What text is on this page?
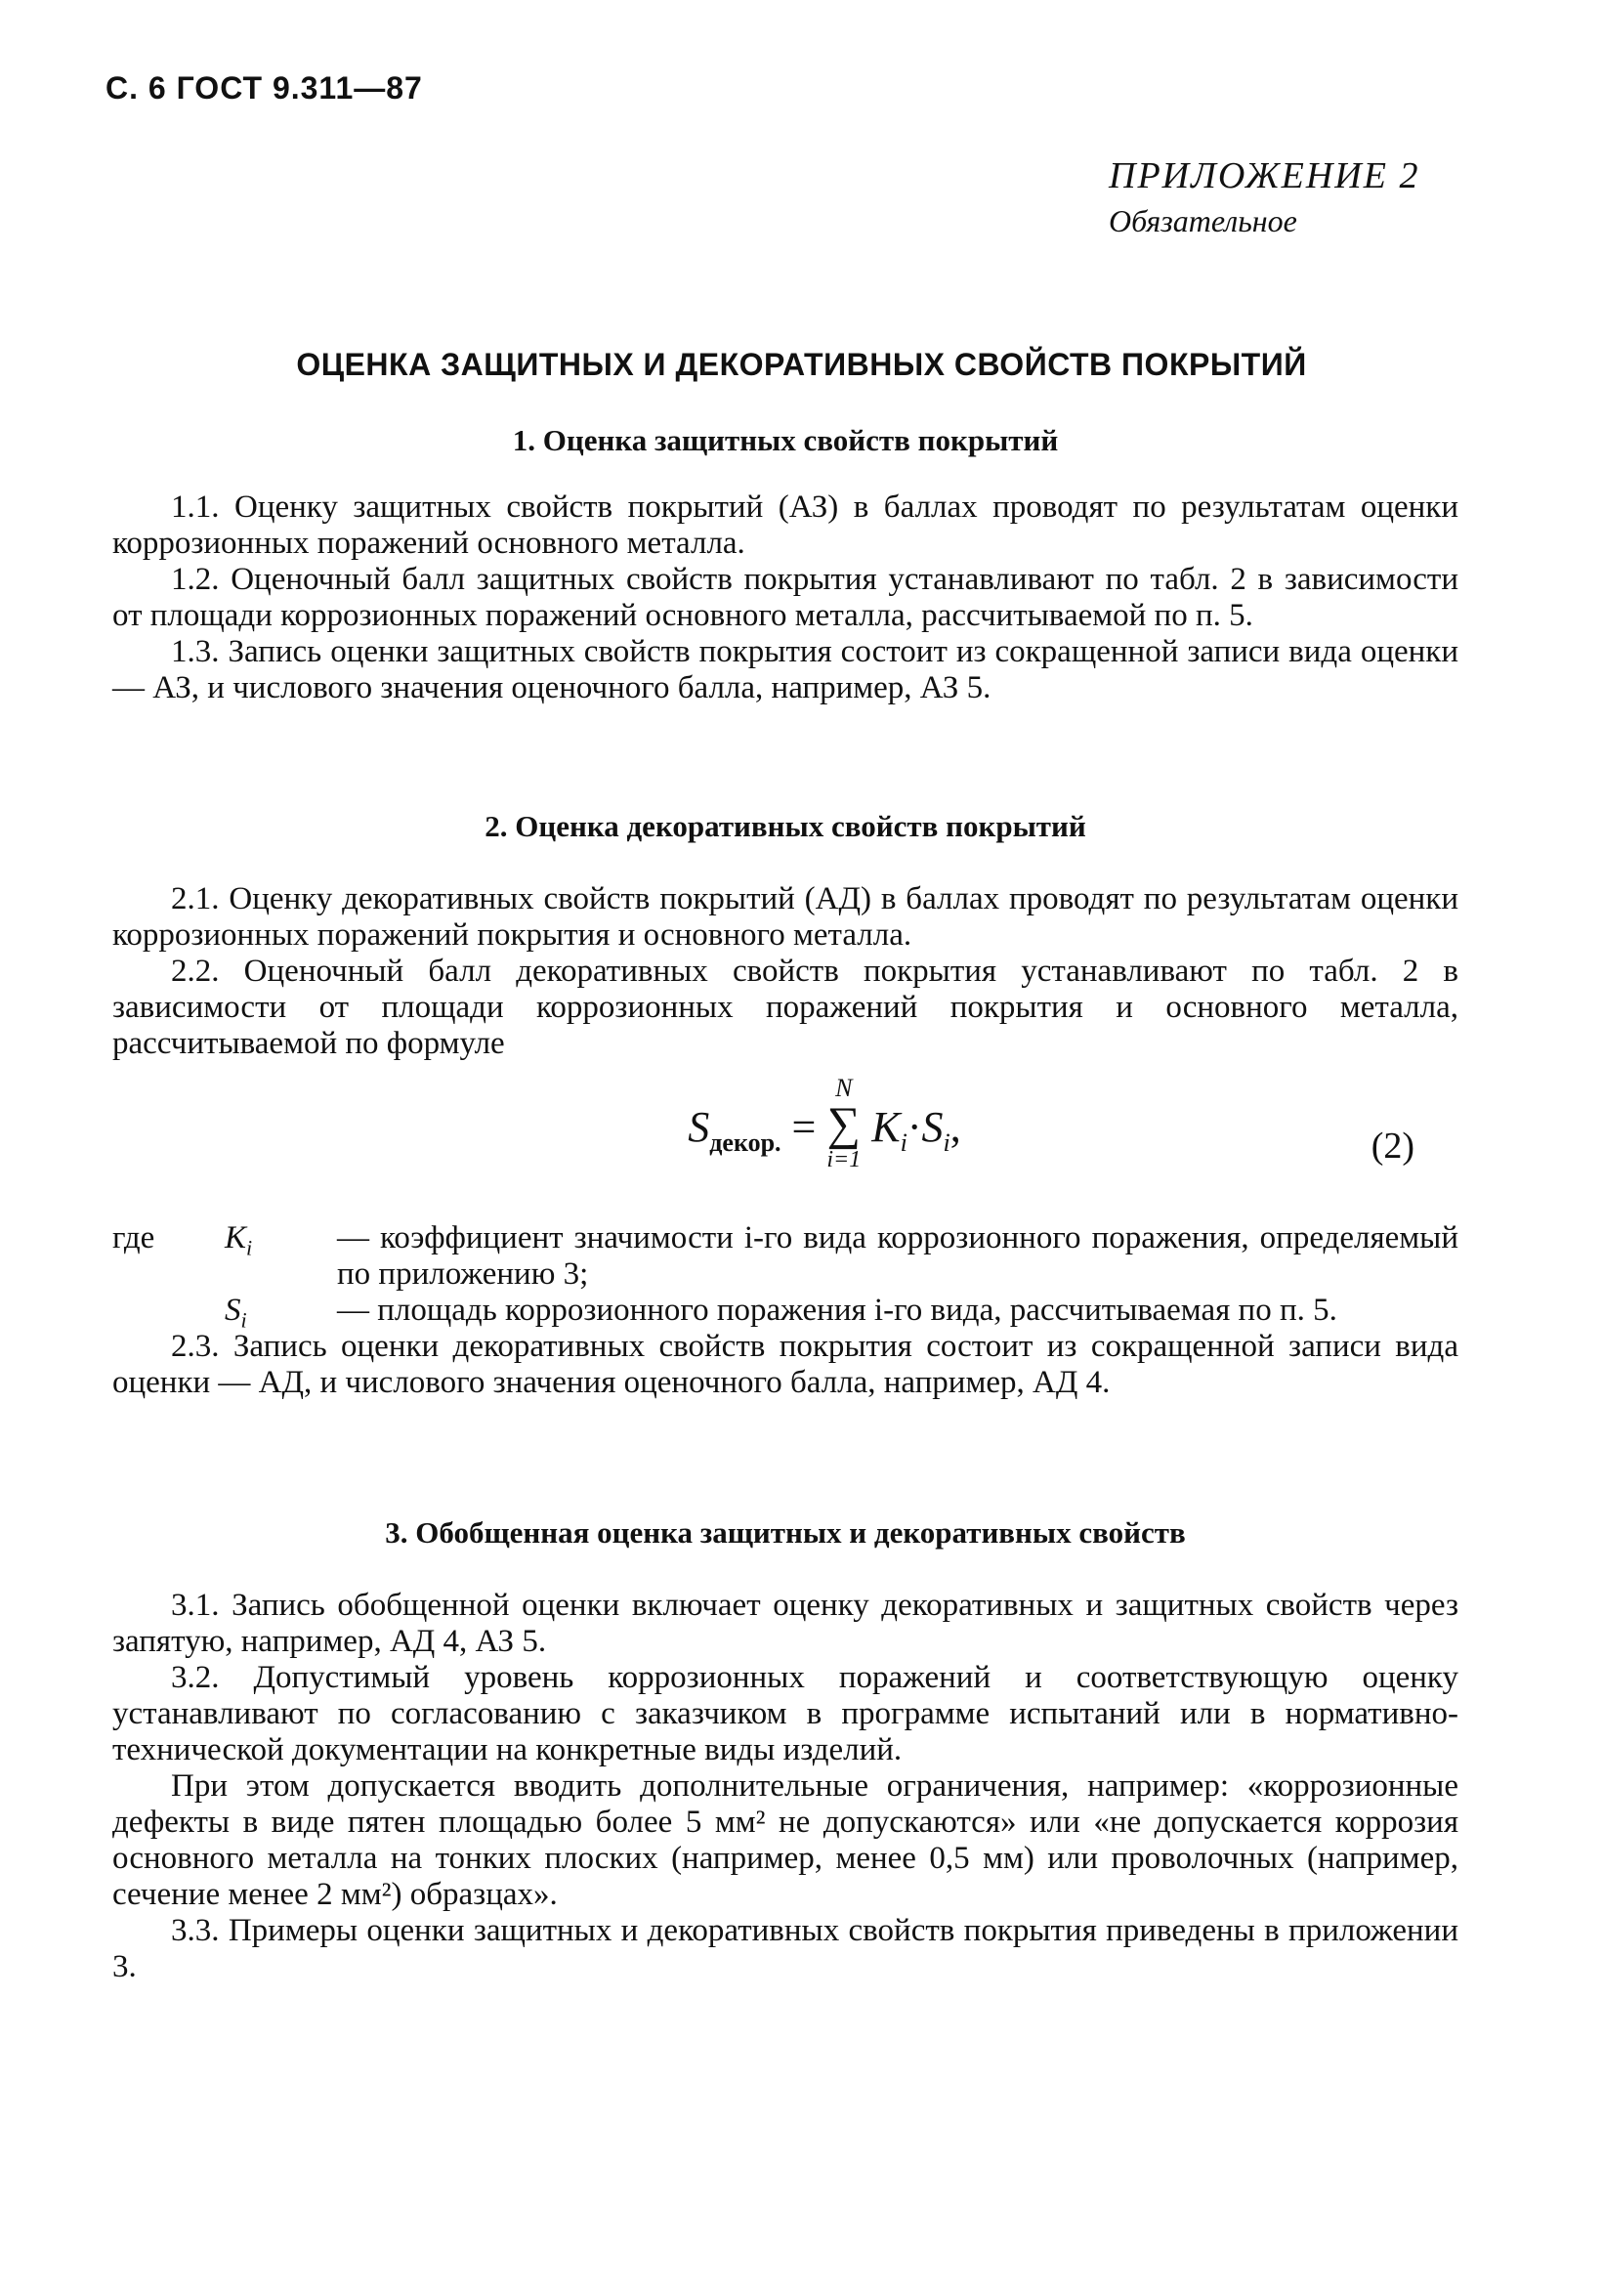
С. 6 ГОСТ 9.311—87
ПРИЛОЖЕНИЕ 2
Обязательное
ОЦЕНКА ЗАЩИТНЫХ И ДЕКОРАТИВНЫХ СВОЙСТВ ПОКРЫТИЙ
1. Оценка защитных свойств покрытий

1.1. Оценку защитных свойств покрытий (АЗ) в баллах проводят по результатам оценки коррозионных поражений основного металла.

1.2. Оценочный балл защитных свойств покрытия устанавливают по табл. 2 в зависимости от площади коррозионных поражений основного металла, рассчитываемой по п. 5.

1.3. Запись оценки защитных свойств покрытия состоит из сокращенной записи вида оценки — АЗ, и числового значения оценочного балла, например, АЗ 5.

2. Оценка декоративных свойств покрытий

2.1. Оценку декоративных свойств покрытий (АД) в баллах проводят по результатам оценки коррозионных поражений покрытия и основного металла.

2.2. Оценочный балл декоративных свойств покрытия устанавливают по табл. 2 в зависимости от площади коррозионных поражений покрытия и основного металла, рассчитываемой по формуле

$S_{декор.}$ =
N
∑
i=1
$K_i\cdot S_i$,	(2)
где $K_i$	— коэффициент значимости i-го вида коррозионного поражения, определяемый по приложению 3;
$S_i$	— площадь коррозионного поражения i-го вида, рассчитываемая по п. 5.

2.3. Запись оценки декоративных свойств покрытия состоит из сокращенной записи вида оценки — АД, и числового значения оценочного балла, например, АД 4.

3. Обобщенная оценка защитных и декоративных свойств

3.1. Запись обобщенной оценки включает оценку декоративных и защитных свойств через запятую, например, АД 4, АЗ 5.

3.2. Допустимый уровень коррозионных поражений и соответствующую оценку устанавливают по согласованию с заказчиком в программе испытаний или в нормативно-технической документации на конкретные виды изделий.

При этом допускается вводить дополнительные ограничения, например: «коррозионные дефекты в виде пятен площадью более 5 мм² не допускаются» или «не допускается коррозия основного металла на тонких плоских (например, менее 0,5 мм) или проволочных (например, сечение менее 2 мм²) образцах».

3.3. Примеры оценки защитных и декоративных свойств покрытия приведены в приложении 3.
